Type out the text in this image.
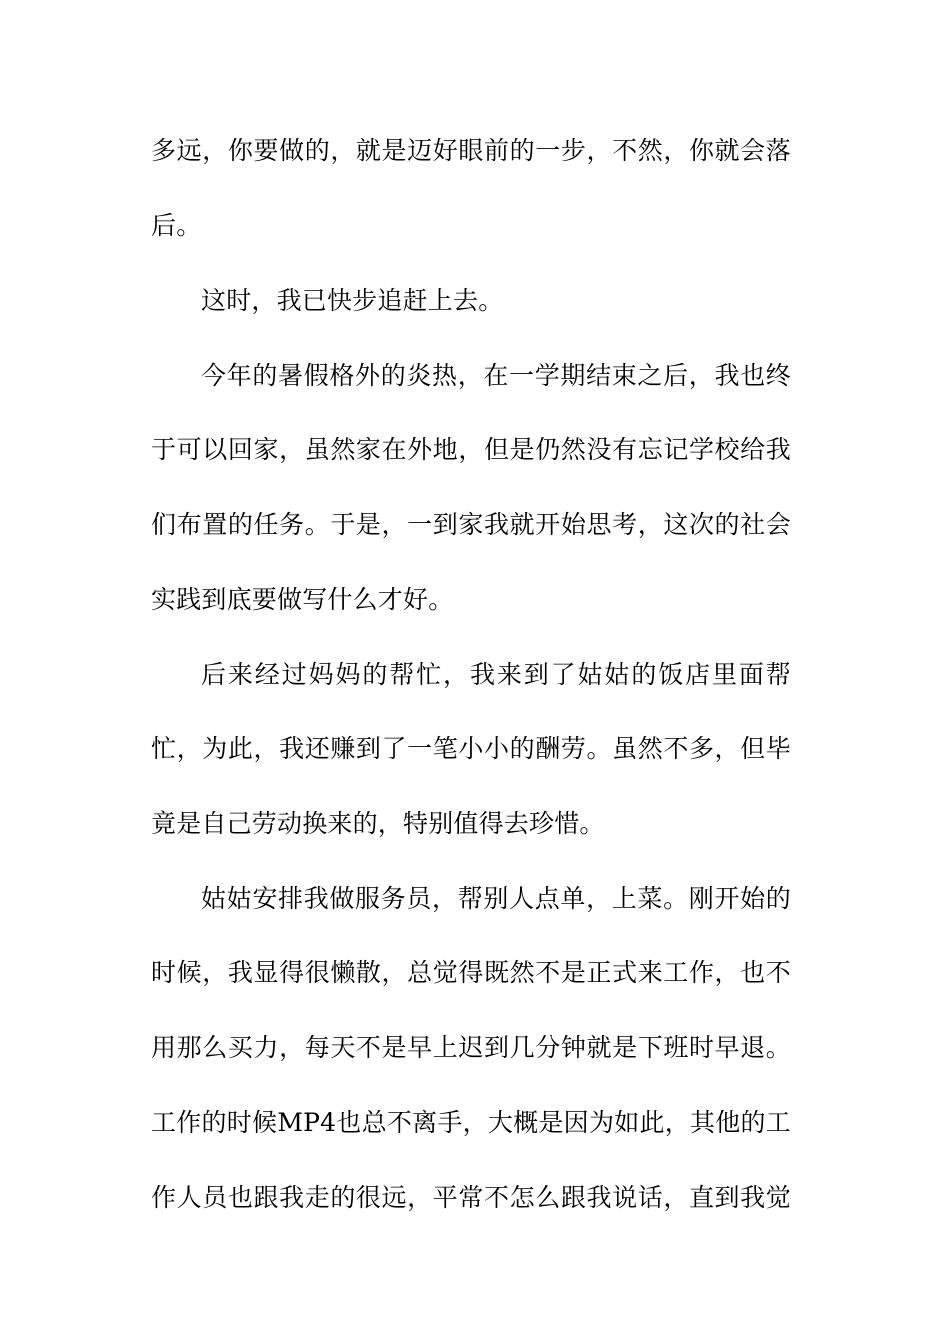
多远，你要做的，就是迈好眼前的一步，不然，你就会落
后。
这时，我已快步追赶上去。
今年的暑假格外的炎热，在一学期结束之后，我也终
于可以回家，虽然家在外地，但是仍然没有忘记学校给我
们布置的任务。于是，一到家我就开始思考，这次的社会
实践到底要做写什么才好。
后来经过妈妈的帮忙，我来到了姑姑的饭店里面帮
忙，为此，我还赚到了一笔小小的酬劳。虽然不多，但毕
竟是自己劳动换来的，特别值得去珍惜。
姑姑安排我做服务员，帮别人点单，上菜。刚开始的
时候，我显得很懒散，总觉得既然不是正式来工作，也不
用那么买力，每天不是早上迟到几分钟就是下班时早退。
工作的时候MP4也总不离手，大概是因为如此，其他的工
作人员也跟我走的很远，平常不怎么跟我说话，直到我觉
